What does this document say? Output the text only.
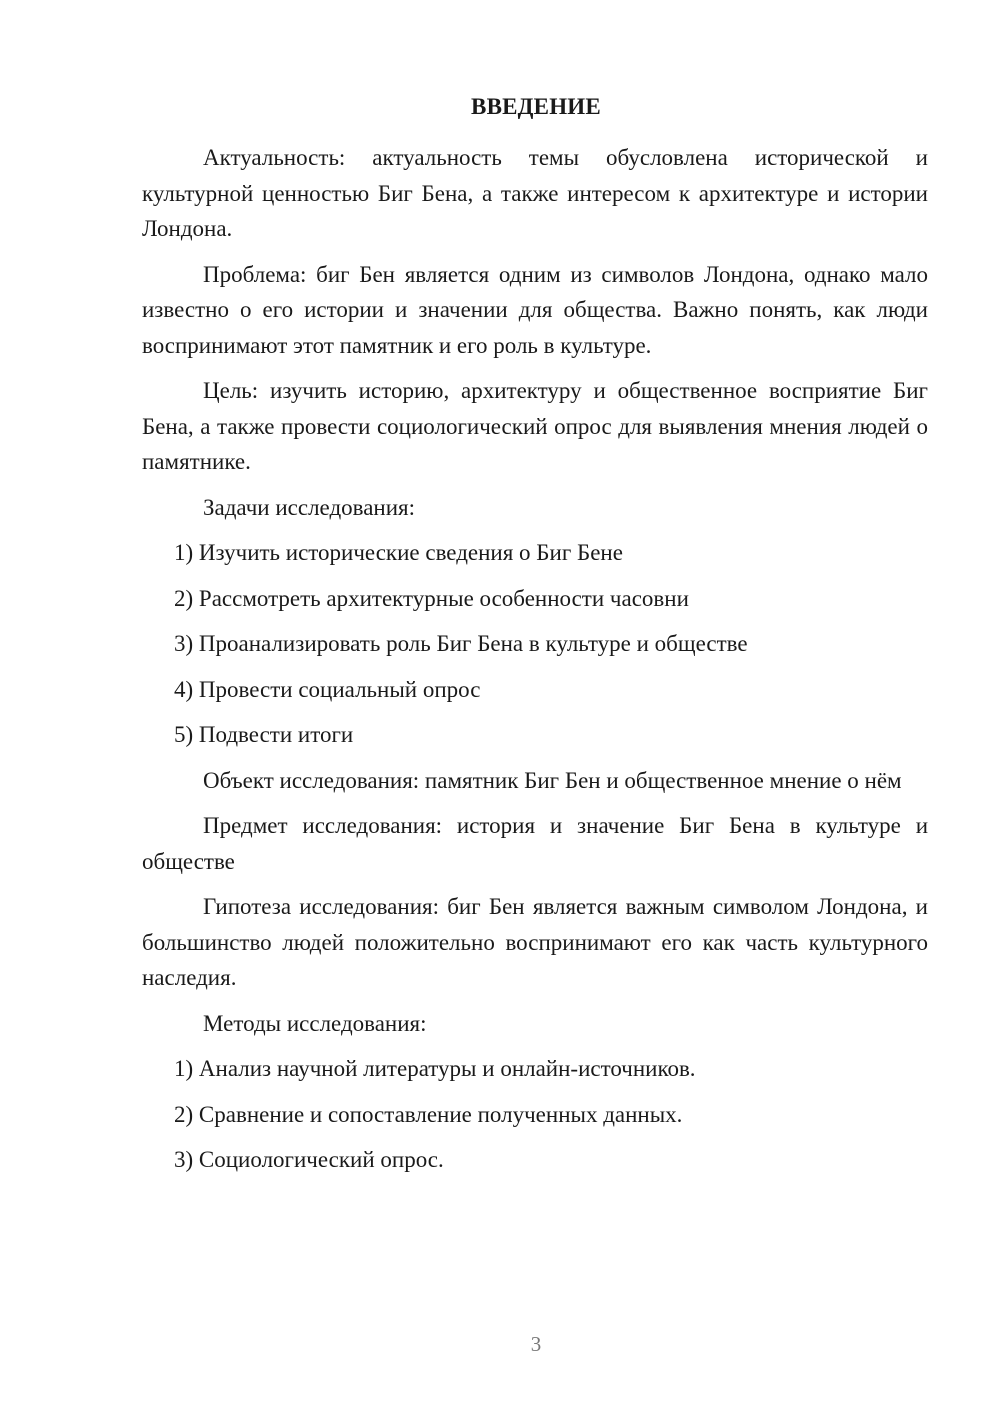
ВВЕДЕНИЕ

Актуальность: актуальность темы обусловлена исторической и культурной ценностью Биг Бена, а также интересом к архитектуре и истории Лондона.

Проблема: биг Бен является одним из символов Лондона, однако мало известно о его истории и значении для общества. Важно понять, как люди воспринимают этот памятник и его роль в культуре.

Цель: изучить историю, архитектуру и общественное восприятие Биг Бена, а также провести социологический опрос для выявления мнения людей о памятнике.

Задачи исследования:

1) Изучить исторические сведения о Биг Бене
2) Рассмотреть архитектурные особенности часовни
3) Проанализировать роль Биг Бена в культуре и обществе
4) Провести социальный опрос
5) Подвести итоги

Объект исследования: памятник Биг Бен и общественное мнение о нём

Предмет исследования: история и значение Биг Бена в культуре и обществе

Гипотеза исследования: биг Бен является важным символом Лондона, и большинство людей положительно воспринимают его как часть культурного наследия.

Методы исследования:

1) Анализ научной литературы и онлайн-источников.
2) Сравнение и сопоставление полученных данных.
3) Социологический опрос.
3
